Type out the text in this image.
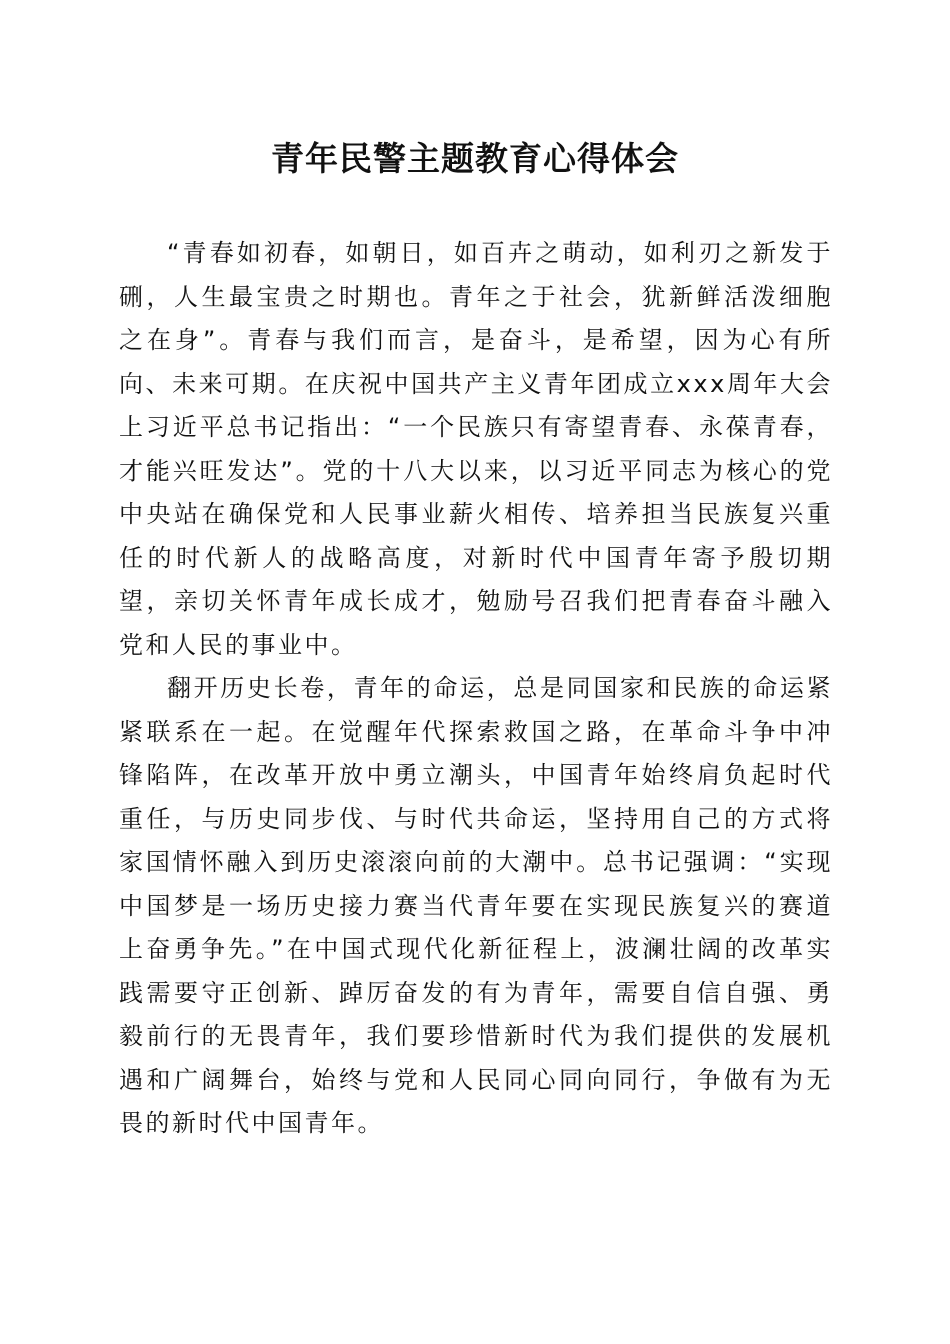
青年民警主题教育心得体会

“青春如初春，如朝日，如百卉之萌动，如利刃之新发于硎，人生最宝贵之时期也。青年之于社会，犹新鲜活泼细胞之在身”。青春与我们而言，是奋斗，是希望，因为心有所向、未来可期。在庆祝中国共产主义青年团成立xxx周年大会上习近平总书记指出：“一个民族只有寄望青春、永葆青春，才能兴旺发达”。党的十八大以来，以习近平同志为核心的党中央站在确保党和人民事业薪火相传、培养担当民族复兴重任的时代新人的战略高度，对新时代中国青年寄予殷切期望，亲切关怀青年成长成才，勉励号召我们把青春奋斗融入党和人民的事业中。

翻开历史长卷，青年的命运，总是同国家和民族的命运紧紧联系在一起。在觉醒年代探索救国之路，在革命斗争中冲锋陷阵，在改革开放中勇立潮头，中国青年始终肩负起时代重任，与历史同步伐、与时代共命运，坚持用自己的方式将家国情怀融入到历史滚滚向前的大潮中。总书记强调：“实现中国梦是一场历史接力赛当代青年要在实现民族复兴的赛道上奋勇争先。”在中国式现代化新征程上，波澜壮阔的改革实践需要守正创新、踔厉奋发的有为青年，需要自信自强、勇毅前行的无畏青年，我们要珍惜新时代为我们提供的发展机遇和广阔舞台，始终与党和人民同心同向同行，争做有为无畏的新时代中国青年。
